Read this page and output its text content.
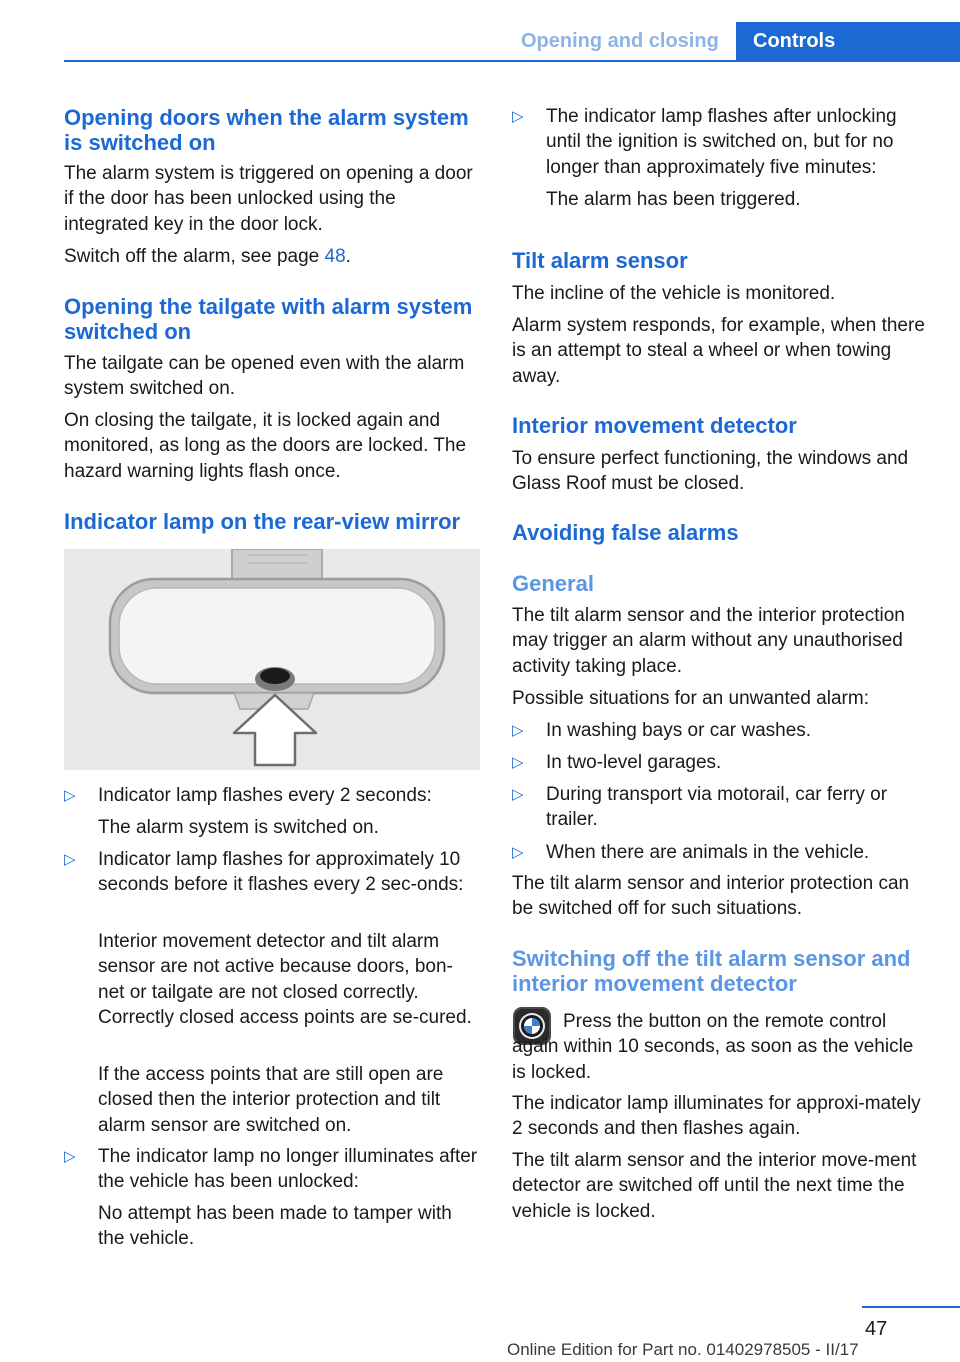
Opening and closing Controls
Opening doors when the alarm system is switched on

The alarm system is triggered on opening a door if the door has been unlocked using the integrated key in the door lock.

Switch off the alarm, see page 48.

Opening the tailgate with alarm system switched on

The tailgate can be opened even with the alarm system switched on.

On closing the tailgate, it is locked again and monitored, as long as the doors are locked. The hazard warning lights flash once.

Indicator lamp on the rear-view mirror
▷ Indicator lamp flashes every 2 seconds:

The alarm system is switched on.

▷ Indicator lamp flashes for approximately 10 seconds before it flashes every 2 sec‐onds:

Interior movement detector and tilt alarm sensor are not active because doors, bon‐net or tailgate are not closed correctly. Correctly closed access points are se‐cured.

If the access points that are still open are closed then the interior protection and tilt alarm sensor are switched on.

▷ The indicator lamp no longer illuminates after the vehicle has been unlocked:

No attempt has been made to tamper with the vehicle.

▷ The indicator lamp flashes after unlocking until the ignition is switched on, but for no longer than approximately five minutes:

The alarm has been triggered.

Tilt alarm sensor

The incline of the vehicle is monitored.

Alarm system responds, for example, when there is an attempt to steal a wheel or when towing away.

Interior movement detector

To ensure perfect functioning, the windows and Glass Roof must be closed.

Avoiding false alarms
General

The tilt alarm sensor and the interior protection may trigger an alarm without any unauthorised activity taking place.

Possible situations for an unwanted alarm:

▷ In washing bays or car washes.
▷ In two-level garages.
▷ During transport via motorail, car ferry or trailer.
▷ When there are animals in the vehicle.

The tilt alarm sensor and interior protection can be switched off for such situations.

Switching off the tilt alarm sensor and interior movement detector

Press the button on the remote control again within 10 seconds, as soon as the vehicle is locked.

The indicator lamp illuminates for approxi‐mately 2 seconds and then flashes again.

The tilt alarm sensor and the interior move‐ment detector are switched off until the next time the vehicle is locked.

47
Online Edition for Part no. 01402978505 - II/17
